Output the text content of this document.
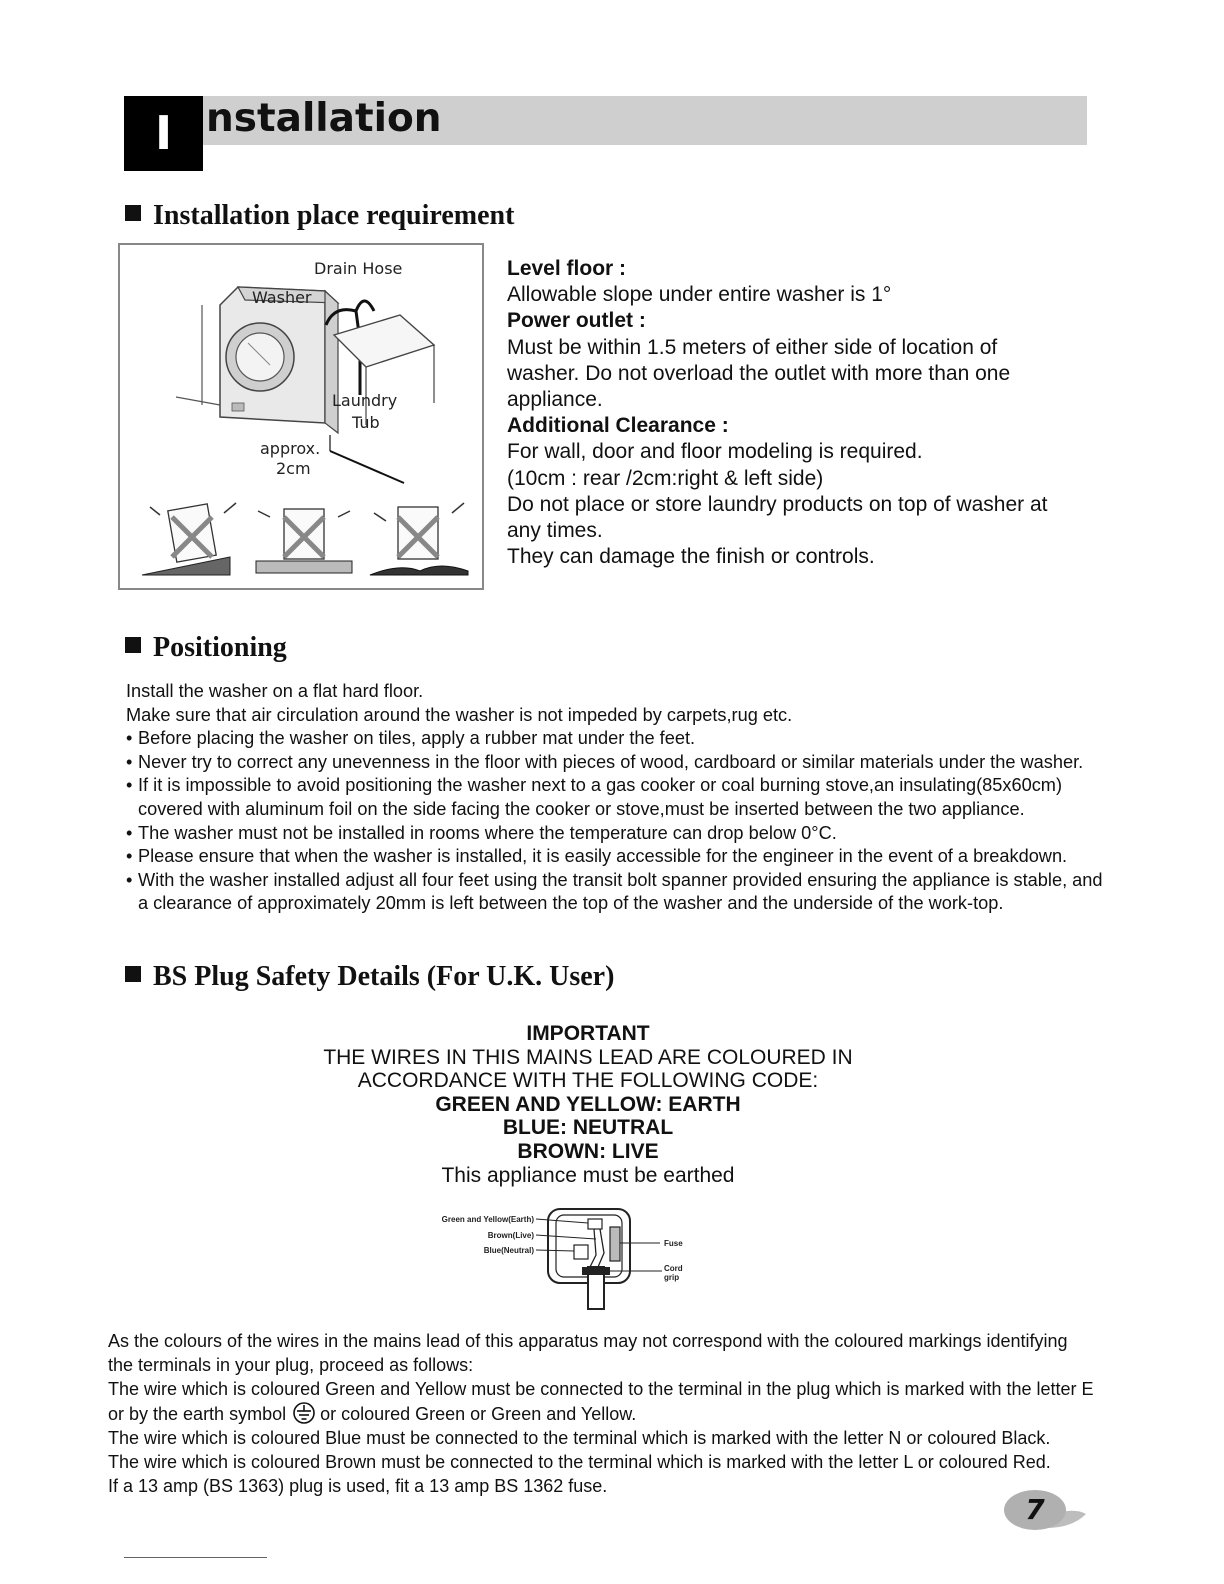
I nstallation
Installation place requirement
Drain Hose
Washer
Laundry
Tub
approx.
2cm
Level floor :
Allowable slope under entire washer is 1°
Power outlet :
Must be within 1.5 meters of either side of location of
washer. Do not overload the outlet with more than one
appliance.
Additional Clearance :
For wall, door and floor modeling is required.
(10cm : rear /2cm:right & left side)
Do not place or store laundry products on top of washer at
any times.
They can damage the finish or controls.
Positioning
Install the washer on a flat hard floor.
Make sure that air circulation around the washer is not impeded by carpets,rug etc.
• Before placing the washer on tiles, apply a rubber mat under the feet.
• Never try to correct any unevenness in the floor with pieces of wood, cardboard or similar materials under the washer.
• If it is impossible to avoid positioning the washer next to a gas cooker or coal burning stove,an insulating(85x60cm) covered with aluminum foil on the side facing the cooker or stove,must be inserted between the two appliance.
• The washer must not be installed in rooms where the temperature can drop below 0°C.
• Please ensure that when the washer is installed, it is easily accessible for the engineer in the event of a breakdown.
• With the washer installed adjust all four feet using the transit bolt spanner provided ensuring the appliance is stable, and a clearance of approximately 20mm is left between the top of the washer and the underside of the work-top.
BS Plug Safety Details (For U.K. User)
IMPORTANT
THE WIRES IN THIS MAINS LEAD ARE COLOURED IN
ACCORDANCE WITH THE FOLLOWING CODE:
GREEN AND YELLOW: EARTH
BLUE: NEUTRAL
BROWN: LIVE
This appliance must be earthed
Green and Yellow(Earth)
Brown(Live)
Blue(Neutral)
Fuse
Cord
grip
As the colours of the wires in the mains lead of this apparatus may not correspond with the coloured markings identifying
the terminals in your plug, proceed as follows:
The wire which is coloured Green and Yellow must be connected to the terminal in the plug which is marked with the letter E
or by the earth symbol or coloured Green or Green and Yellow.
The wire which is coloured Blue must be connected to the terminal which is marked with the letter N or coloured Black.
The wire which is coloured Brown must be connected to the terminal which is marked with the letter L or coloured Red.
If a 13 amp (BS 1363) plug is used, fit a 13 amp BS 1362 fuse.
7
